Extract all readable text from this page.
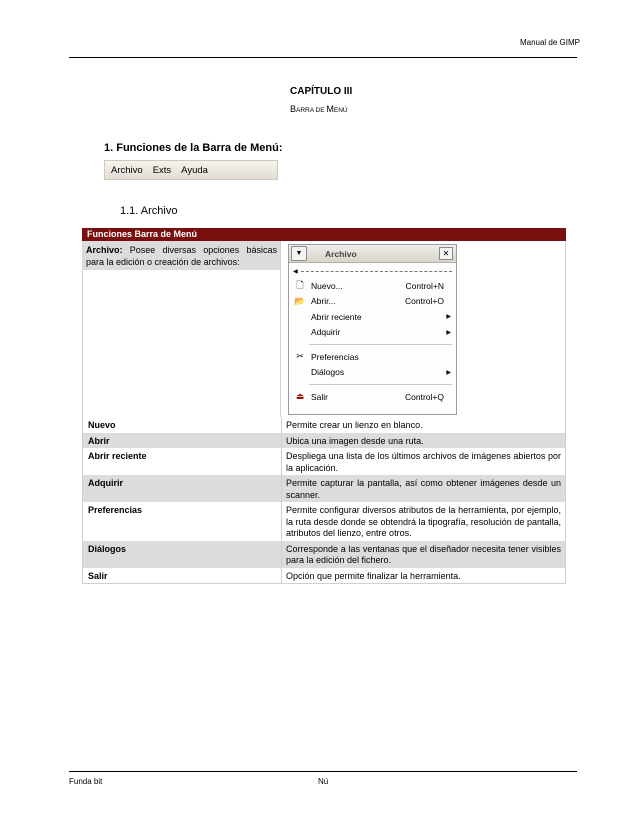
Manual de GIMP
CAPÍTULO III
BARRA DE MENÚ
1. Funciones de la Barra de Menú:
Archivo	Exts	Ayuda
1.1. Archivo
Funciones Barra de Menú
Archivo: Posee diversas opciones básicas para la edición o creación de archivos:
▼	Archivo	✕
◀
🗋 Nuevo...	Control+N
📂 Abrir...	Control+O
Abrir reciente	▶
Adquirir	▶
✂ Preferencias
Diálogos	▶
⏏ Salir	Control+Q
Nuevo	Permite crear un lienzo en blanco.
Abrir	Ubica una imagen desde una ruta.
Abrir reciente	Despliega una lista de los últimos archivos de imágenes abiertos por la aplicación.
Adquirir	Permite capturar la pantalla, así como obtener imágenes desde un scanner.
Preferencias	Permite configurar diversos atributos de la herramienta, por ejemplo, la ruta desde donde se obtendrá la tipografía, resolución de pantalla, atributos del lienzo, entre otros.
Diálogos	Corresponde a las ventanas que el diseñador necesita tener visibles para la edición del fichero.
Salir	Opción que permite finalizar la herramienta.
Funda bit	Nú
